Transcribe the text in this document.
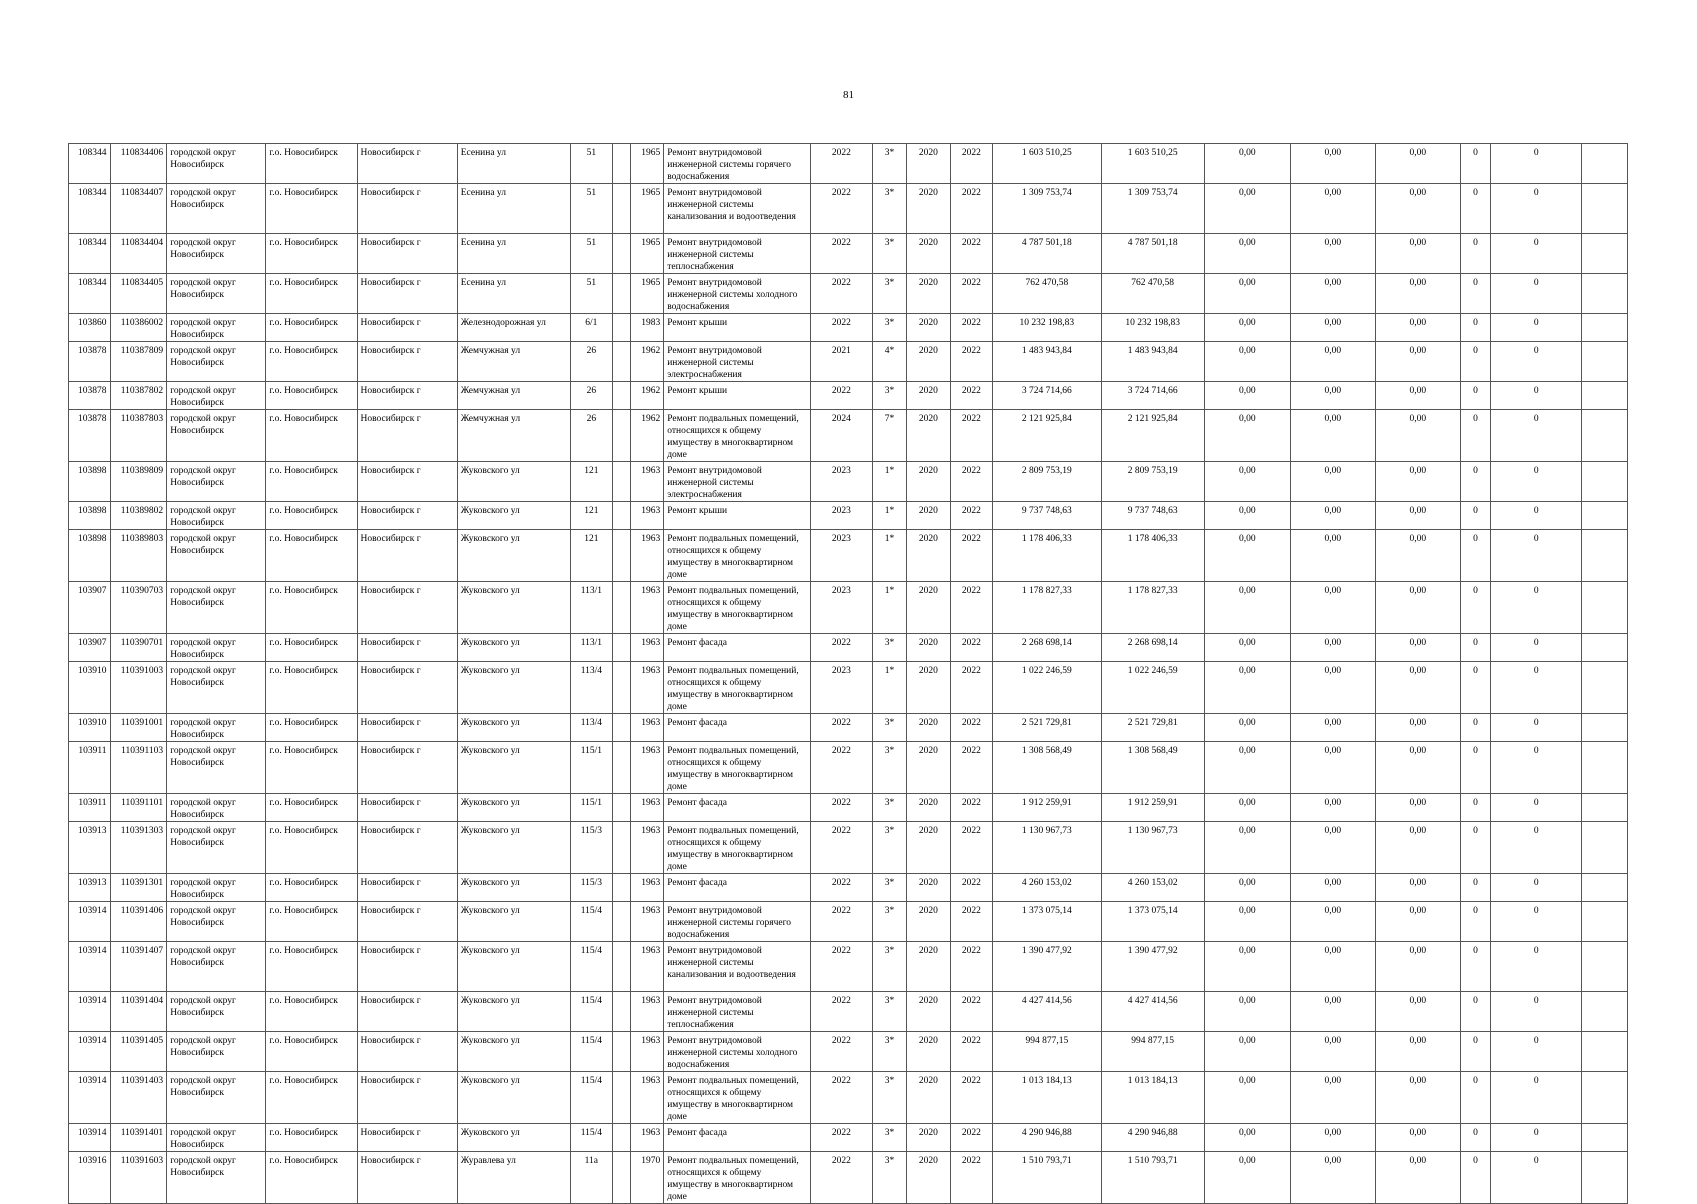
81
108344	110834406	городской округ Новосибирск	г.о. Новосибирск	Новосибирск г	Есенина ул	51		1965	Ремонт внутридомовой инженерной системы горячего водоснабжения	2022	3*	2020	2022	1 603 510,25	1 603 510,25	0,00	0,00	0,00	0	0	
108344	110834407	городской округ Новосибирск	г.о. Новосибирск	Новосибирск г	Есенина ул	51		1965	Ремонт внутридомовой инженерной системы канализования и водоотведения	2022	3*	2020	2022	1 309 753,74	1 309 753,74	0,00	0,00	0,00	0	0	
108344	110834404	городской округ Новосибирск	г.о. Новосибирск	Новосибирск г	Есенина ул	51		1965	Ремонт внутридомовой инженерной системы теплоснабжения	2022	3*	2020	2022	4 787 501,18	4 787 501,18	0,00	0,00	0,00	0	0	
108344	110834405	городской округ Новосибирск	г.о. Новосибирск	Новосибирск г	Есенина ул	51		1965	Ремонт внутридомовой инженерной системы холодного водоснабжения	2022	3*	2020	2022	762 470,58	762 470,58	0,00	0,00	0,00	0	0	
103860	110386002	городской округ Новосибирск	г.о. Новосибирск	Новосибирск г	Железнодорожная ул	6/1		1983	Ремонт крыши	2022	3*	2020	2022	10 232 198,83	10 232 198,83	0,00	0,00	0,00	0	0	
103878	110387809	городской округ Новосибирск	г.о. Новосибирск	Новосибирск г	Жемчужная ул	26		1962	Ремонт внутридомовой инженерной системы электроснабжения	2021	4*	2020	2022	1 483 943,84	1 483 943,84	0,00	0,00	0,00	0	0	
103878	110387802	городской округ Новосибирск	г.о. Новосибирск	Новосибирск г	Жемчужная ул	26		1962	Ремонт крыши	2022	3*	2020	2022	3 724 714,66	3 724 714,66	0,00	0,00	0,00	0	0	
103878	110387803	городской округ Новосибирск	г.о. Новосибирск	Новосибирск г	Жемчужная ул	26		1962	Ремонт подвальных помещений, относящихся к общему имуществу в многоквартирном доме	2024	7*	2020	2022	2 121 925,84	2 121 925,84	0,00	0,00	0,00	0	0	
103898	110389809	городской округ Новосибирск	г.о. Новосибирск	Новосибирск г	Жуковского ул	121		1963	Ремонт внутридомовой инженерной системы электроснабжения	2023	1*	2020	2022	2 809 753,19	2 809 753,19	0,00	0,00	0,00	0	0	
103898	110389802	городской округ Новосибирск	г.о. Новосибирск	Новосибирск г	Жуковского ул	121		1963	Ремонт крыши	2023	1*	2020	2022	9 737 748,63	9 737 748,63	0,00	0,00	0,00	0	0	
103898	110389803	городской округ Новосибирск	г.о. Новосибирск	Новосибирск г	Жуковского ул	121		1963	Ремонт подвальных помещений, относящихся к общему имуществу в многоквартирном доме	2023	1*	2020	2022	1 178 406,33	1 178 406,33	0,00	0,00	0,00	0	0	
103907	110390703	городской округ Новосибирск	г.о. Новосибирск	Новосибирск г	Жуковского ул	113/1		1963	Ремонт подвальных помещений, относящихся к общему имуществу в многоквартирном доме	2023	1*	2020	2022	1 178 827,33	1 178 827,33	0,00	0,00	0,00	0	0	
103907	110390701	городской округ Новосибирск	г.о. Новосибирск	Новосибирск г	Жуковского ул	113/1		1963	Ремонт фасада	2022	3*	2020	2022	2 268 698,14	2 268 698,14	0,00	0,00	0,00	0	0	
103910	110391003	городской округ Новосибирск	г.о. Новосибирск	Новосибирск г	Жуковского ул	113/4		1963	Ремонт подвальных помещений, относящихся к общему имуществу в многоквартирном доме	2023	1*	2020	2022	1 022 246,59	1 022 246,59	0,00	0,00	0,00	0	0	
103910	110391001	городской округ Новосибирск	г.о. Новосибирск	Новосибирск г	Жуковского ул	113/4		1963	Ремонт фасада	2022	3*	2020	2022	2 521 729,81	2 521 729,81	0,00	0,00	0,00	0	0	
103911	110391103	городской округ Новосибирск	г.о. Новосибирск	Новосибирск г	Жуковского ул	115/1		1963	Ремонт подвальных помещений, относящихся к общему имуществу в многоквартирном доме	2022	3*	2020	2022	1 308 568,49	1 308 568,49	0,00	0,00	0,00	0	0	
103911	110391101	городской округ Новосибирск	г.о. Новосибирск	Новосибирск г	Жуковского ул	115/1		1963	Ремонт фасада	2022	3*	2020	2022	1 912 259,91	1 912 259,91	0,00	0,00	0,00	0	0	
103913	110391303	городской округ Новосибирск	г.о. Новосибирск	Новосибирск г	Жуковского ул	115/3		1963	Ремонт подвальных помещений, относящихся к общему имуществу в многоквартирном доме	2022	3*	2020	2022	1 130 967,73	1 130 967,73	0,00	0,00	0,00	0	0	
103913	110391301	городской округ Новосибирск	г.о. Новосибирск	Новосибирск г	Жуковского ул	115/3		1963	Ремонт фасада	2022	3*	2020	2022	4 260 153,02	4 260 153,02	0,00	0,00	0,00	0	0	
103914	110391406	городской округ Новосибирск	г.о. Новосибирск	Новосибирск г	Жуковского ул	115/4		1963	Ремонт внутридомовой инженерной системы горячего водоснабжения	2022	3*	2020	2022	1 373 075,14	1 373 075,14	0,00	0,00	0,00	0	0	
103914	110391407	городской округ Новосибирск	г.о. Новосибирск	Новосибирск г	Жуковского ул	115/4		1963	Ремонт внутридомовой инженерной системы канализования и водоотведения	2022	3*	2020	2022	1 390 477,92	1 390 477,92	0,00	0,00	0,00	0	0	
103914	110391404	городской округ Новосибирск	г.о. Новосибирск	Новосибирск г	Жуковского ул	115/4		1963	Ремонт внутридомовой инженерной системы теплоснабжения	2022	3*	2020	2022	4 427 414,56	4 427 414,56	0,00	0,00	0,00	0	0	
103914	110391405	городской округ Новосибирск	г.о. Новосибирск	Новосибирск г	Жуковского ул	115/4		1963	Ремонт внутридомовой инженерной системы холодного водоснабжения	2022	3*	2020	2022	994 877,15	994 877,15	0,00	0,00	0,00	0	0	
103914	110391403	городской округ Новосибирск	г.о. Новосибирск	Новосибирск г	Жуковского ул	115/4		1963	Ремонт подвальных помещений, относящихся к общему имуществу в многоквартирном доме	2022	3*	2020	2022	1 013 184,13	1 013 184,13	0,00	0,00	0,00	0	0	
103914	110391401	городской округ Новосибирск	г.о. Новосибирск	Новосибирск г	Жуковского ул	115/4		1963	Ремонт фасада	2022	3*	2020	2022	4 290 946,88	4 290 946,88	0,00	0,00	0,00	0	0	
103916	110391603	городской округ Новосибирск	г.о. Новосибирск	Новосибирск г	Журавлева ул	11а		1970	Ремонт подвальных помещений, относящихся к общему имуществу в многоквартирном доме	2022	3*	2020	2022	1 510 793,71	1 510 793,71	0,00	0,00	0,00	0	0	
